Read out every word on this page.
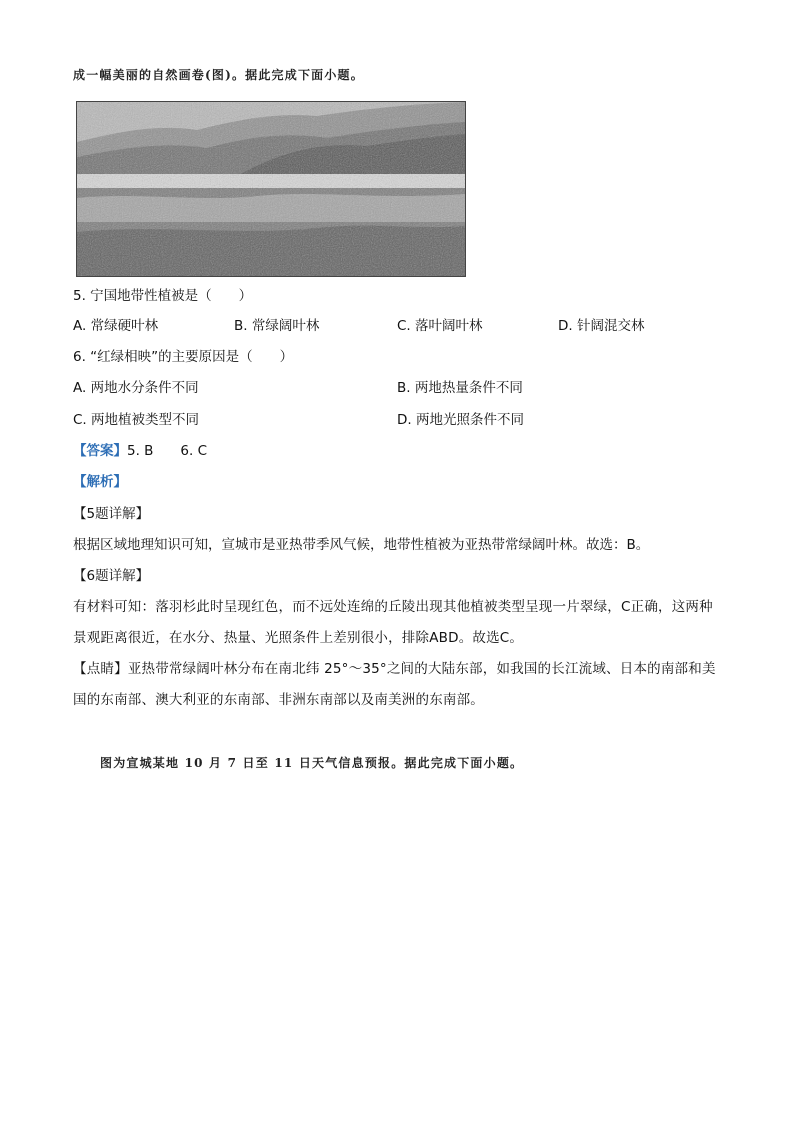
成一幅美丽的自然画卷(图)。据此完成下面小题。
5. 宁国地带性植被是（　　）
A. 常绿硬叶林	B. 常绿阔叶林	C. 落叶阔叶林	D. 针阔混交林
6. “红绿相映”的主要原因是（　　）
A. 两地水分条件不同	B. 两地热量条件不同
C. 两地植被类型不同	D. 两地光照条件不同
【答案】5. B　　6. C
【解析】
【5题详解】
根据区域地理知识可知，宣城市是亚热带季风气候，地带性植被为亚热带常绿阔叶林。故选：B。
【6题详解】
有材料可知：落羽杉此时呈现红色，而不远处连绵的丘陵出现其他植被类型呈现一片翠绿，C正确，这两种景观距离很近，在水分、热量、光照条件上差别很小，排除ABD。故选C。
【点睛】亚热带常绿阔叶林分布在南北纬 25°～35°之间的大陆东部，如我国的长江流域、日本的南部和美国的东南部、澳大利亚的东南部、非洲东南部以及南美洲的东南部。
图为宣城某地 10 月 7 日至 11 日天气信息预报。据此完成下面小题。
